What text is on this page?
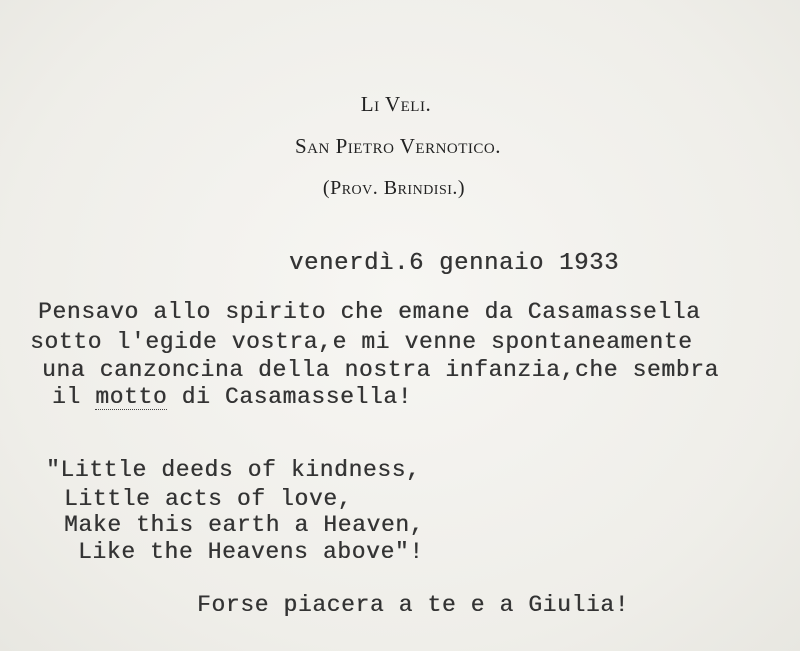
Li Veli.
San Pietro Vernotico.
(Prov. Brindisi.)
venerdì.6 gennaio 1933
Pensavo allo spirito che emane da Casamassella
sotto l'egide vostra,e mi venne spontaneamente
una canzoncina della nostra infanzia,che sembra
il motto di Casamassella!
"Little deeds of kindness,
Little acts of love,
Forse piacera a te e a Giulia!
Make this earth a Heaven,
Like the Heavens above"!
